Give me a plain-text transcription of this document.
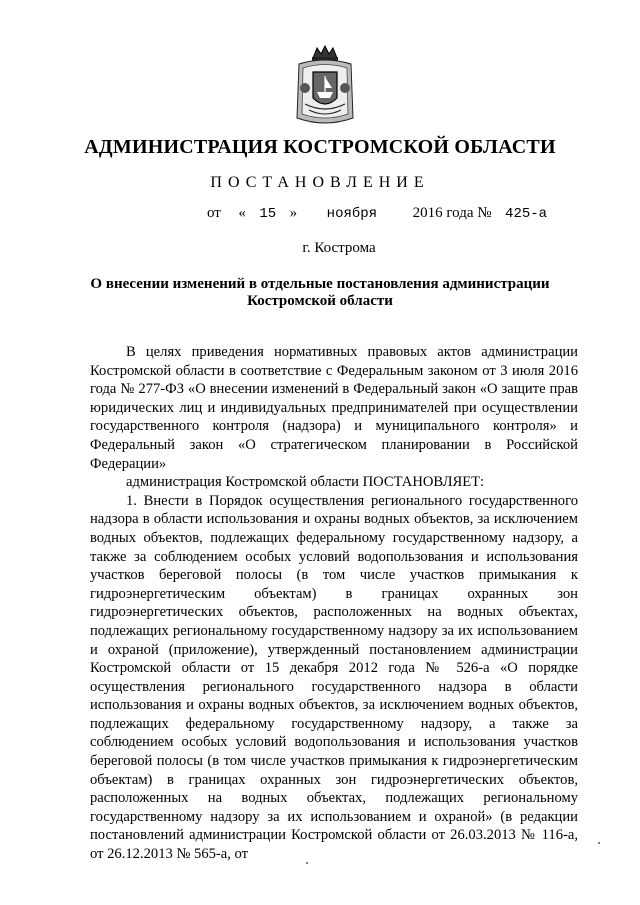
АДМИНИСТРАЦИЯ КОСТРОМСКОЙ ОБЛАСТИ
ПОСТАНОВЛЕНИЕ
от « 15 » ноября 2016 года № 425-а
г. Кострома
О внесении изменений в отдельные постановления администрации Костромской области

В целях приведения нормативных правовых актов администрации Костромской области в соответствие с Федеральным законом от 3 июля 2016 года № 277-ФЗ «О внесении изменений в Федеральный закон «О защите прав юридических лиц и индивидуальных предпринимателей при осуществлении государственного контроля (надзора) и муниципального контроля» и Федеральный закон «О стратегическом планировании в Российской Федерации»

администрация Костромской области ПОСТАНОВЛЯЕТ:

1. Внести в Порядок осуществления регионального государственного надзора в области использования и охраны водных объектов, за исключением водных объектов, подлежащих федеральному государственному надзору, а также за соблюдением особых условий водопользования и использования участков береговой полосы (в том числе участков примыкания к гидроэнергетическим объектам) в границах охранных зон гидроэнергетических объектов, расположенных на водных объектах, подлежащих региональному государственному надзору за их использованием и охраной (приложение), утвержденный постановлением администрации Костромской области от 15 декабря 2012 года № 526-а «О порядке осуществления регионального государственного надзора в области использования и охраны водных объектов, за исключением водных объектов, подлежащих федеральному государственному надзору, а также за соблюдением особых условий водопользования и использования участков береговой полосы (в том числе участков примыкания к гидроэнергетическим объектам) в границах охранных зон гидроэнергетических объектов, расположенных на водных объектах, подлежащих региональному государственному надзору за их использованием и охраной» (в редакции постановлений администрации Костромской области от 26.03.2013 № 116-а, от 26.12.2013 № 565-а, от
